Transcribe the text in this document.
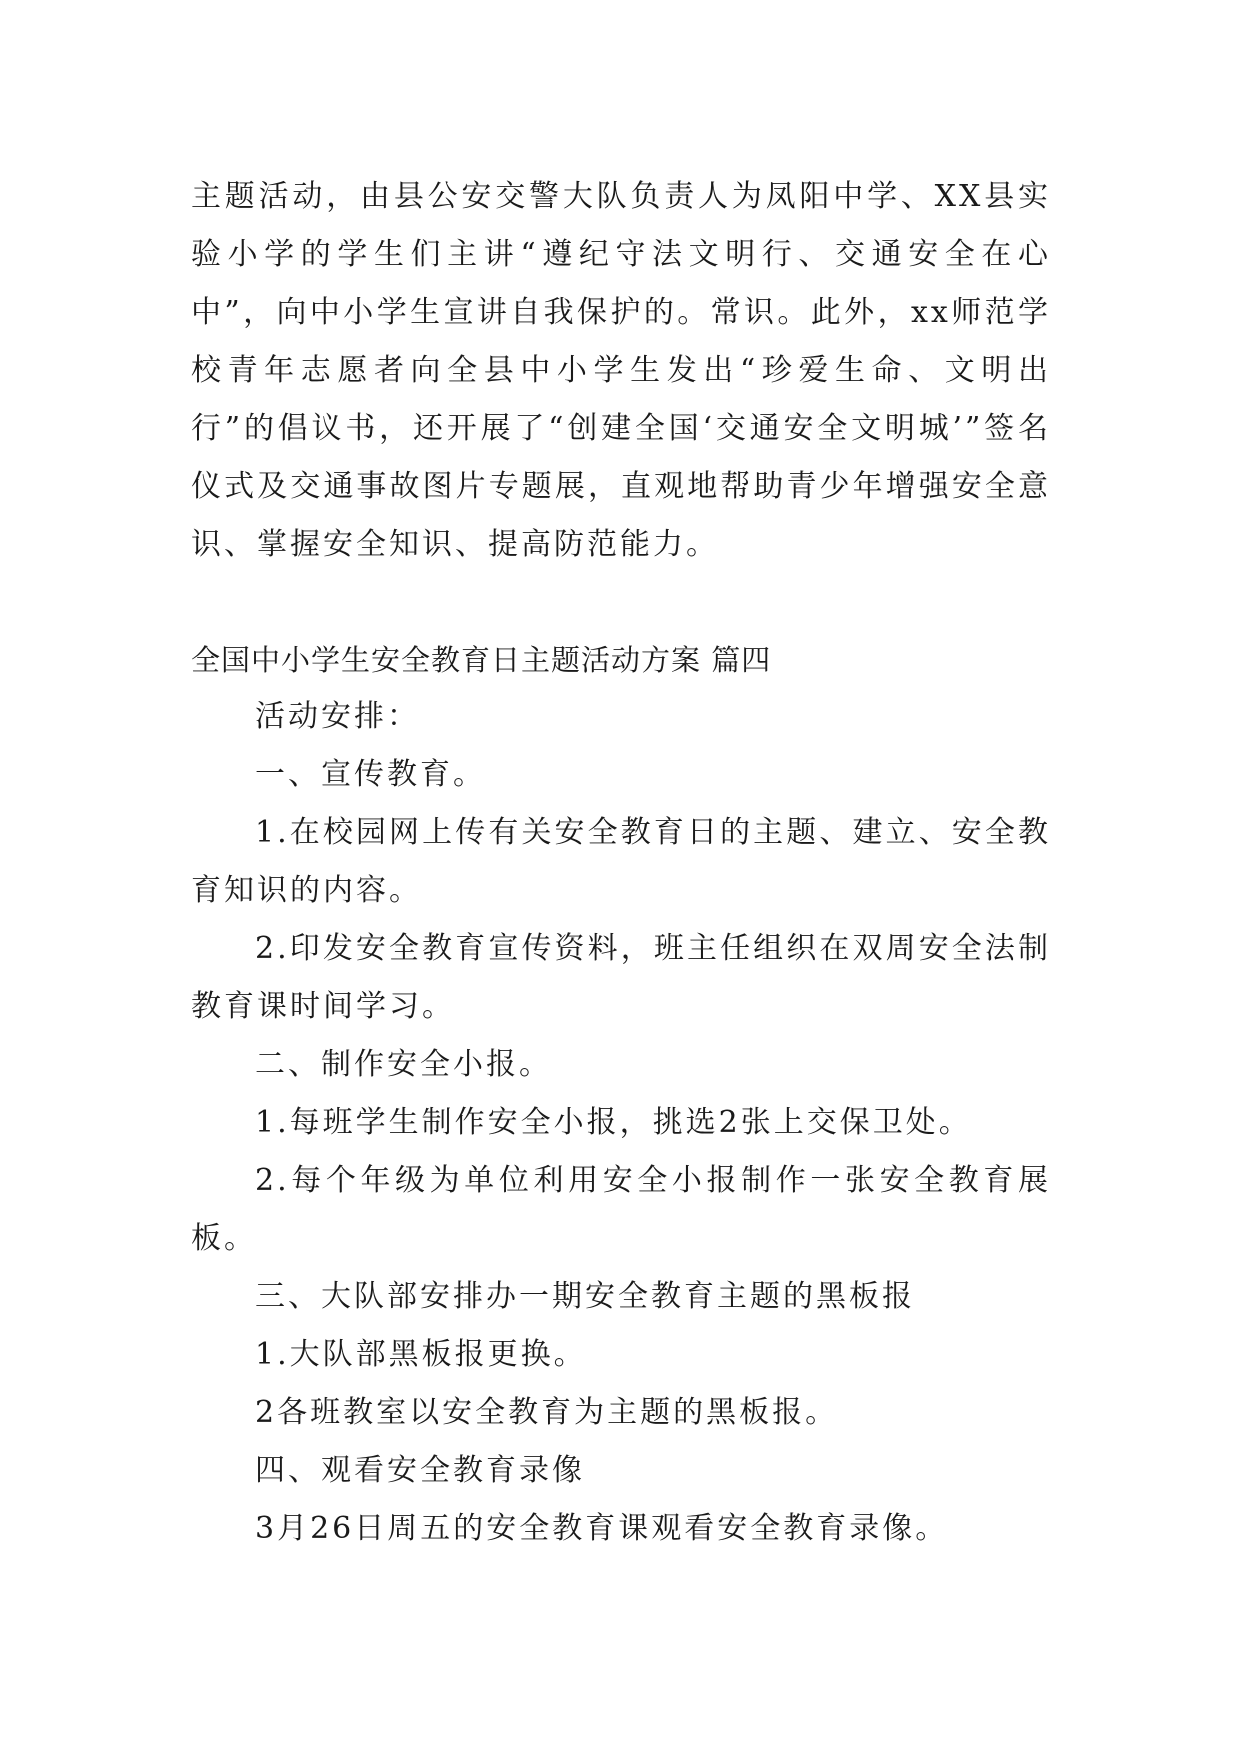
主题活动，由县公安交警大队负责人为凤阳中学、XX县实验小学的学生们主讲“遵纪守法文明行、交通安全在心中”，向中小学生宣讲自我保护的。常识。此外，xx师范学校青年志愿者向全县中小学生发出“珍爱生命、文明出行”的倡议书，还开展了“创建全国‘交通安全文明城’”签名仪式及交通事故图片专题展，直观地帮助青少年增强安全意识、掌握安全知识、提高防范能力。

全国中小学生安全教育日主题活动方案 篇四

活动安排：

一、宣传教育。

1.在校园网上传有关安全教育日的主题、建立、安全教育知识的内容。

2.印发安全教育宣传资料，班主任组织在双周安全法制教育课时间学习。

二、制作安全小报。

1.每班学生制作安全小报，挑选2张上交保卫处。

2.每个年级为单位利用安全小报制作一张安全教育展板。

三、大队部安排办一期安全教育主题的黑板报

1.大队部黑板报更换。

2各班教室以安全教育为主题的黑板报。

四、观看安全教育录像

3月26日周五的安全教育课观看安全教育录像。
